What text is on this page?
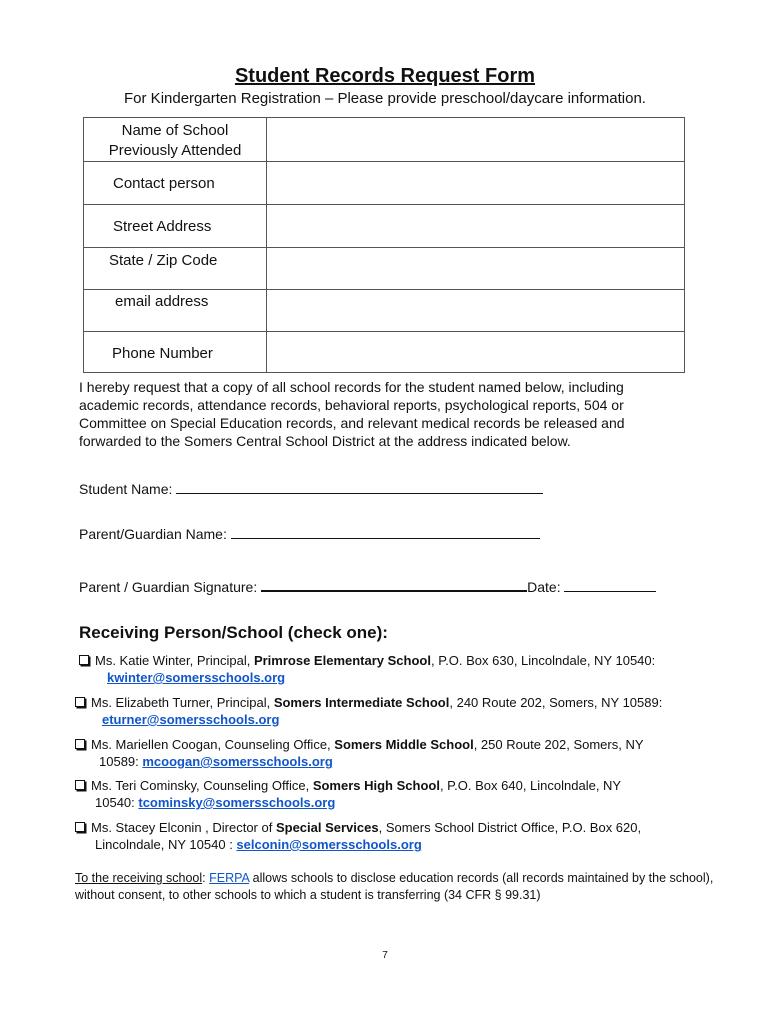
Student Records Request Form
For Kindergarten Registration – Please provide preschool/daycare information.
Name of School
Previously Attended
Contact person
Street Address
State / Zip Code
email address
Phone Number
I hereby request that a copy of all school records for the student named below, including academic records, attendance records, behavioral reports, psychological reports, 504 or Committee on Special Education records, and relevant medical records be released and forwarded to the Somers Central School District at the address indicated below.
Student Name:
Parent/Guardian Name:
Parent / Guardian Signature:	Date:
Receiving Person/School (check one):
Ms. Katie Winter, Principal, Primrose Elementary School, P.O. Box 630, Lincolndale, NY 10540:
kwinter@somersschools.org
Ms. Elizabeth Turner, Principal, Somers Intermediate School, 240 Route 202, Somers, NY 10589:
eturner@somersschools.org
Ms. Mariellen Coogan, Counseling Office, Somers Middle School, 250 Route 202, Somers, NY
10589: mcoogan@somersschools.org
Ms. Teri Cominsky, Counseling Office, Somers High School, P.O. Box 640, Lincolndale, NY
10540: tcominsky@somersschools.org
Ms. Stacey Elconin , Director of Special Services, Somers School District Office, P.O. Box 620,
Lincolndale, NY 10540 : selconin@somersschools.org
To the receiving school: FERPA allows schools to disclose education records (all records maintained by the school), without consent, to other schools to which a student is transferring (34 CFR § 99.31)
7
